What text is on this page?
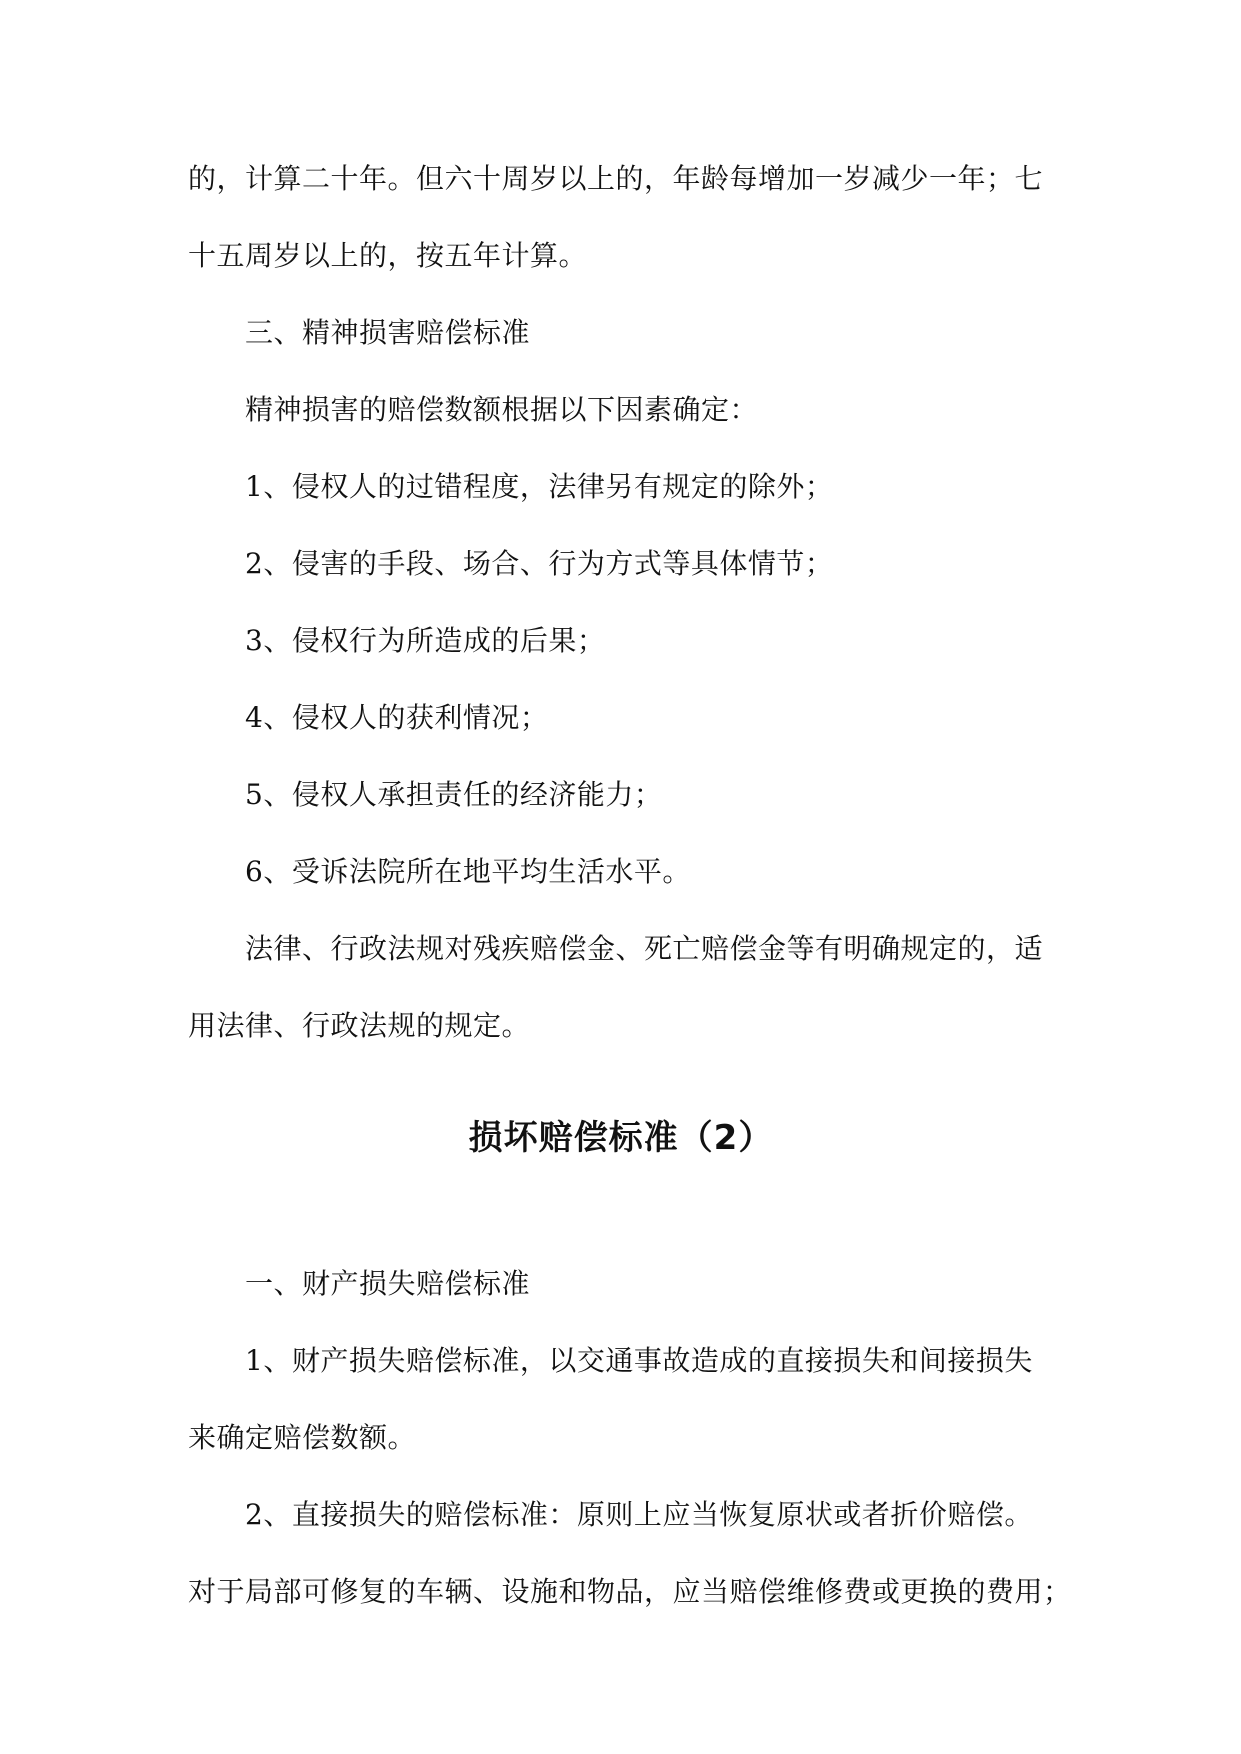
的，计算二十年。但六十周岁以上的，年龄每增加一岁减少一年；七

十五周岁以上的，按五年计算。

三、精神损害赔偿标准

精神损害的赔偿数额根据以下因素确定：

1、侵权人的过错程度，法律另有规定的除外；

2、侵害的手段、场合、行为方式等具体情节；

3、侵权行为所造成的后果；

4、侵权人的获利情况；

5、侵权人承担责任的经济能力；

6、受诉法院所在地平均生活水平。

法律、行政法规对残疾赔偿金、死亡赔偿金等有明确规定的，适

用法律、行政法规的规定。

损坏赔偿标准（2）

一、财产损失赔偿标准

1、财产损失赔偿标准，以交通事故造成的直接损失和间接损失

来确定赔偿数额。

2、直接损失的赔偿标准：原则上应当恢复原状或者折价赔偿。

对于局部可修复的车辆、设施和物品，应当赔偿维修费或更换的费用；
